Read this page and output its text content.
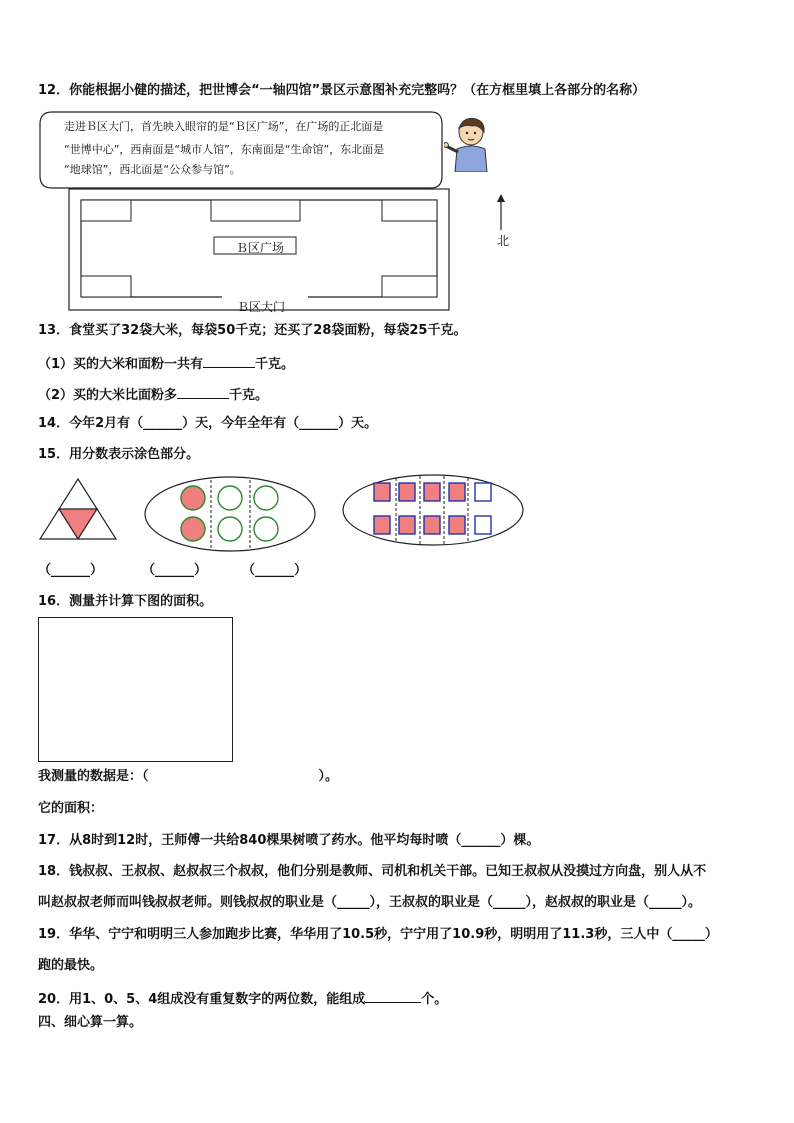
12．你能根据小健的描述，把世博会“一轴四馆”景区示意图补充完整吗？（在方框里填上各部分的名称）
走进Ｂ区大门，首先映入眼帘的是“Ｂ区广场”，在广场的正北面是
“世博中心”，西南面是“城市人馆”，东南面是“生命馆”，东北面是
“地球馆”，西北面是“公众参与馆”。
Ｂ区广场
Ｂ区大门
北
13．食堂买了32袋大米，每袋50千克；还买了28袋面粉，每袋25千克。
（1）买的大米和面粉一共有	千克。
（2）买的大米比面粉多	千克。
14．今年2月有（______）天，今年全年有（______）天。
15．用分数表示涂色部分。
（______）	（______）	（______）
16．测量并计算下图的面积。
我测量的数据是：（	）。
它的面积：
17．从8时到12时，王师傅一共给840棵果树喷了药水。他平均每时喷（______）棵。
18．钱叔叔、王叔叔、赵叔叔三个叔叔，他们分别是教师、司机和机关干部。已知王叔叔从没摸过方向盘，别人从不
叫赵叔叔老师而叫钱叔叔老师。则钱叔叔的职业是（_____），王叔叔的职业是（_____），赵叔叔的职业是（_____）。
19．华华、宁宁和明明三人参加跑步比赛，华华用了10.5秒，宁宁用了10.9秒，明明用了11.3秒，三人中（_____）
跑的最快。
20．用1、0、5、4组成没有重复数字的两位数，能组成	个。
四、细心算一算。
